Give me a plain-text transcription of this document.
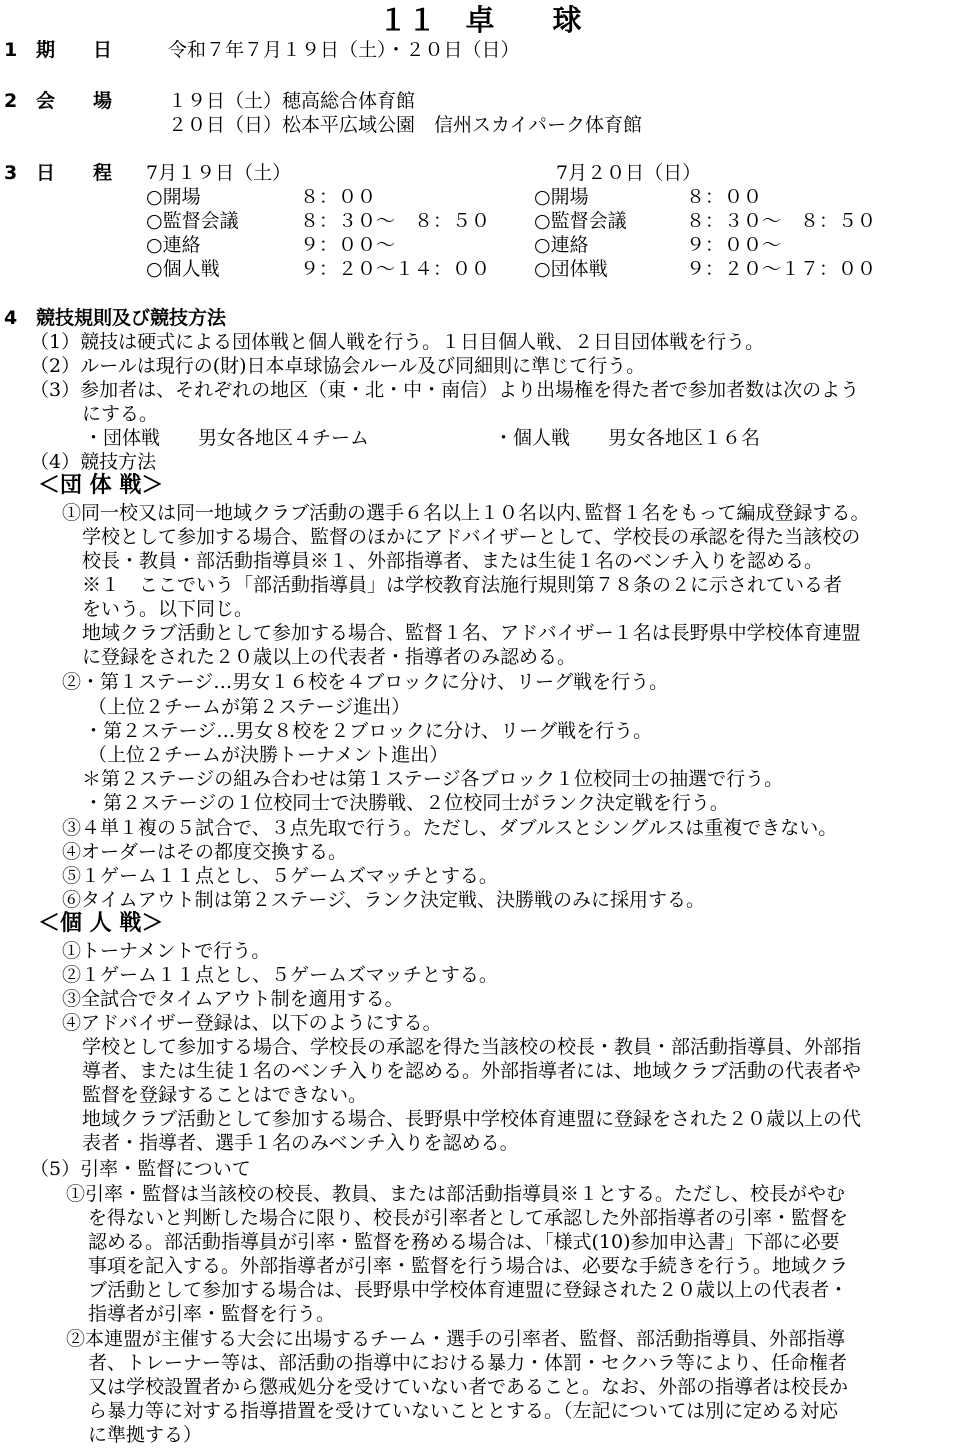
１１　卓　　球
1 期　　日	令和７年７月１９日（土）・２０日（日）
2 会　　場	１９日（土）穂高総合体育館
２０日（日）松本平広域公園　信州スカイパーク体育館
3 日　　程 7月１９日（土）	7月２０日（日）
○開場	８：００	○開場	８：００
○監督会議	８：３０～　８：５０ ○監督会議	８：３０～　８：５０
○連絡	９：００～	○連絡	９：００～
○個人戦	９：２０～１４：００ ○団体戦	９：２０～１７：００
4 競技規則及び競技方法
（1）競技は硬式による団体戦と個人戦を行う。１日目個人戦、２日目団体戦を行う。
（2）ルールは現行の(財)日本卓球協会ルール及び同細則に準じて行う。
（3）参加者は、それぞれの地区（東・北・中・南信）より出場権を得た者で参加者数は次のよう
にする。
・団体戦　　男女各地区４チーム	・個人戦　　男女各地区１６名
（4）競技方法
＜団 体 戦＞
①同一校又は同一地域クラブ活動の選手６名以上１０名以内､監督１名をもって編成登録する。
学校として参加する場合、監督のほかにアドバイザーとして、学校長の承認を得た当該校の
校長・教員・部活動指導員※１、外部指導者、または生徒１名のベンチ入りを認める。
※１　ここでいう「部活動指導員」は学校教育法施行規則第７８条の２に示されている者
をいう。以下同じ。
地域クラブ活動として参加する場合、監督１名、アドバイザー１名は長野県中学校体育連盟
に登録をされた２０歳以上の代表者・指導者のみ認める。
②・第１ステージ…男女１６校を４ブロックに分け、リーグ戦を行う。
（上位２チームが第２ステージ進出）
・第２ステージ…男女８校を２ブロックに分け、リーグ戦を行う。
（上位２チームが決勝トーナメント進出）
＊第２ステージの組み合わせは第１ステージ各ブロック１位校同士の抽選で行う。
・第２ステージの１位校同士で決勝戦、２位校同士がランク決定戦を行う。
③４単１複の５試合で、３点先取で行う。ただし、ダブルスとシングルスは重複できない。
④オーダーはその都度交換する。
⑤１ゲーム１１点とし、５ゲームズマッチとする。
⑥タイムアウト制は第２ステージ、ランク決定戦、決勝戦のみに採用する。
＜個 人 戦＞
①トーナメントで行う。
②１ゲーム１１点とし、５ゲームズマッチとする。
③全試合でタイムアウト制を適用する。
④アドバイザー登録は、以下のようにする。
学校として参加する場合、学校長の承認を得た当該校の校長・教員・部活動指導員、外部指
導者、または生徒１名のベンチ入りを認める。外部指導者には、地域クラブ活動の代表者や
監督を登録することはできない。
地域クラブ活動として参加する場合、長野県中学校体育連盟に登録をされた２０歳以上の代
表者・指導者、選手１名のみベンチ入りを認める。
（5）引率・監督について
①引率・監督は当該校の校長、教員、または部活動指導員※１とする。ただし、校長がやむ
を得ないと判断した場合に限り、校長が引率者として承認した外部指導者の引率・監督を
認める。部活動指導員が引率・監督を務める場合は、「様式(10)参加申込書」下部に必要
事項を記入する。外部指導者が引率・監督を行う場合は、必要な手続きを行う。地域クラ
ブ活動として参加する場合は、長野県中学校体育連盟に登録された２０歳以上の代表者・
指導者が引率・監督を行う。
②本連盟が主催する大会に出場するチーム・選手の引率者、監督、部活動指導員、外部指導
者、トレーナー等は、部活動の指導中における暴力・体罰・セクハラ等により、任命権者
又は学校設置者から懲戒処分を受けていない者であること。なお、外部の指導者は校長か
ら暴力等に対する指導措置を受けていないこととする。（左記については別に定める対応
に準拠する）
